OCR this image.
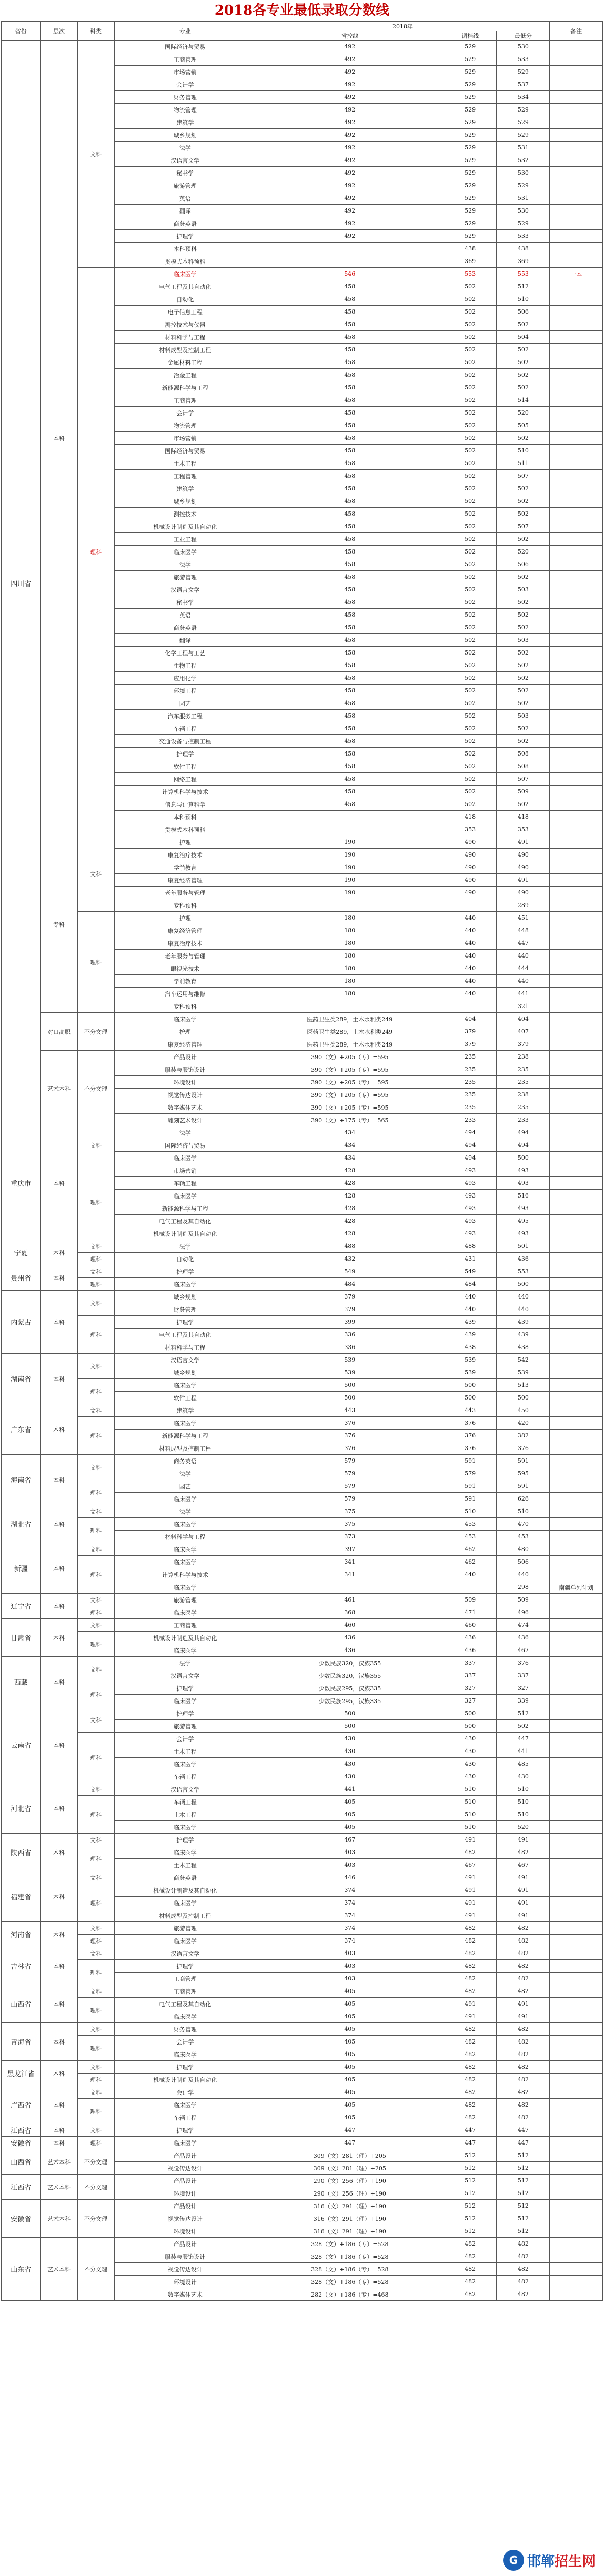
2018各专业最低录取分数线
省份	层次	科类	专业	2018年			备注
				省控线	调档线	最低分	
四川省	本科	文科	国际经济与贸易	492	529	530	
			工商管理	492	529	533	
			市场营销	492	529	529	
			会计学	492	529	537	
			财务管理	492	529	534	
			物流管理	492	529	529	
			建筑学	492	529	529	
			城乡规划	492	529	529	
			法学	492	529	531	
			汉语言文学	492	529	532	
			秘书学	492	529	530	
			旅游管理	492	529	529	
			英语	492	529	531	
			翻译	492	529	530	
			商务英语	492	529	529	
			护理学	492	529	533	
			本科预科		438	438	
			贯模式本科预科		369	369	
		理科	临床医学	546	553	553	一本
			电气工程及其自动化	458	502	512	
			自动化	458	502	510	
			电子信息工程	458	502	506	
			测控技术与仪器	458	502	502	
			材料科学与工程	458	502	504	
			材料成型及控制工程	458	502	502	
			金属材料工程	458	502	502	
			冶金工程	458	502	502	
			新能源科学与工程	458	502	502	
			工商管理	458	502	514	
			会计学	458	502	520	
			物流管理	458	502	505	
			市场营销	458	502	502	
			国际经济与贸易	458	502	510	
			土木工程	458	502	511	
			工程管理	458	502	507	
			建筑学	458	502	502	
			城乡规划	458	502	502	
			测控技术	458	502	502	
			机械设计制造及其自动化	458	502	507	
			工业工程	458	502	502	
			临床医学	458	502	520	
			法学	458	502	506	
			旅游管理	458	502	502	
			汉语言文学	458	502	503	
			秘书学	458	502	502	
			英语	458	502	502	
			商务英语	458	502	502	
			翻译	458	502	503	
			化学工程与工艺	458	502	502	
			生物工程	458	502	502	
			应用化学	458	502	502	
			环境工程	458	502	502	
			园艺	458	502	502	
			汽车服务工程	458	502	503	
			车辆工程	458	502	502	
			交通设备与控制工程	458	502	502	
			护理学	458	502	508	
			软件工程	458	502	508	
			网络工程	458	502	507	
			计算机科学与技术	458	502	509	
			信息与计算科学	458	502	502	
			本科预科		418	418	
			贯模式本科预科		353	353	
	专科	文科	护理	190	490	491	
			康复治疗技术	190	490	490	
			学前教育	190	490	490	
			康复经济管理	190	490	491	
			老年服务与管理	190	490	490	
			专科预科			289	
		理科	护理	180	440	451	
			康复经济管理	180	440	448	
			康复治疗技术	180	440	447	
			老年服务与管理	180	440	440	
			眼视光技术	180	440	444	
			学前教育	180	440	440	
			汽车运用与维修	180	440	441	
			专科预科			321	
	对口高职	不分文理	临床医学	医药卫生类289，土木水利类249	404	404	
			护理	医药卫生类289，土木水利类249	379	407	
			康复经济管理	医药卫生类289，土木水利类249	379	379	
	艺术本科	不分文理	产品设计	390（文）+205（专）=595	235	238	
			服装与服饰设计	390（文）+205（专）=595	235	235	
			环境设计	390（文）+205（专）=595	235	235	
			视觉传达设计	390（文）+205（专）=595	235	238	
			数字媒体艺术	390（文）+205（专）=595	235	235	
			雕刻艺术设计	390（文）+175（专）=565	233	233	
重庆市	本科	文科	法学	434	494	494	
			国际经济与贸易	434	494	494	
			临床医学	434	494	500	
		理科	市场营销	428	493	493	
			车辆工程	428	493	493	
			临床医学	428	493	516	
			新能源科学与工程	428	493	493	
			电气工程及其自动化	428	493	495	
			机械设计制造及其自动化	428	493	493	
宁夏	本科	文科	法学	488	488	501	
		理科	自动化	432	431	436	
贵州省	本科	文科	护理学	549	549	553	
		理科	临床医学	484	484	500	
内蒙古	本科	文科	城乡规划	379	440	440	
			财务管理	379	440	440	
		理科	护理学	399	439	439	
			电气工程及其自动化	336	439	439	
			材料科学与工程	336	438	438	
湖南省	本科	文科	汉语言文学	539	539	542	
			城乡规划	539	539	539	
		理科	临床医学	500	500	513	
			软件工程	500	500	500	
广东省	本科	文科	建筑学	443	443	450	
		理科	临床医学	376	376	420	
			新能源科学与工程	376	376	382	
			材料成型及控制工程	376	376	376	
海南省	本科	文科	商务英语	579	591	591	
			法学	579	579	595	
		理科	园艺	579	591	591	
			临床医学	579	591	626	
湖北省	本科	文科	法学	375	510	510	
		理科	临床医学	375	453	470	
			材料科学与工程	373	453	453	
新疆	本科	文科	临床医学	397	462	480	
		理科	临床医学	341	462	506	
			计算机科学与技术	341	440	440	
			临床医学			298	南疆单列计划
辽宁省	本科	文科	旅游管理	461	509	509	
		理科	临床医学	368	471	496	
甘肃省	本科	文科	工商管理	460	460	474	
		理科	机械设计制造及其自动化	436	436	436	
			临床医学	436	436	467	
西藏	本科	文科	法学	少数民族320，汉族355	337	376	
			汉语言文学	少数民族320，汉族355	337	337	
		理科	护理学	少数民族295，汉族335	327	327	
			临床医学	少数民族295，汉族335	327	339	
云南省	本科	文科	护理学	500	500	512	
			旅游管理	500	500	502	
		理科	会计学	430	430	447	
			土木工程	430	430	441	
			临床医学	430	430	485	
			车辆工程	430	430	430	
河北省	本科	文科	汉语言文学	441	510	510	
		理科	车辆工程	405	510	510	
			土木工程	405	510	510	
			临床医学	405	510	520	
陕西省	本科	文科	护理学	467	491	491	
		理科	临床医学	403	482	482	
			土木工程	403	467	467	
福建省	本科	文科	商务英语	446	491	491	
		理科	机械设计制造及其自动化	374	491	491	
			临床医学	374	491	491	
			材料成型及控制工程	374	491	491	
河南省	本科	文科	旅游管理	374	482	482	
		理科	临床医学	374	482	482	
吉林省	本科	文科	汉语言文学	403	482	482	
		理科	护理学	403	482	482	
			工商管理	403	482	482	
山西省	本科	文科	工商管理	405	482	482	
		理科	电气工程及其自动化	405	491	491	
			临床医学	405	491	491	
青海省	本科	文科	财务管理	405	482	482	
		理科	会计学	405	482	482	
			临床医学	405	482	482	
黑龙江省	本科	文科	护理学	405	482	482	
		理科	机械设计制造及其自动化	405	482	482	
广西省	本科	文科	会计学	405	482	482	
		理科	临床医学	405	482	482	
			车辆工程	405	482	482	
江西省	本科	文科	护理学	447	447	447	
安徽省	本科	理科	临床医学	447	447	447	
山西省	艺术本科	不分文理	产品设计	309（文）281（理）+205	512	512	
			视觉传达设计	309（文）281（理）+205	512	512	
江西省	艺术本科	不分文理	产品设计	290（文）256（理）+190	512	512	
			环境设计	290（文）256（理）+190	512	512	
安徽省	艺术本科	不分文理	产品设计	316（文）291（理）+190	512	512	
			视觉传达设计	316（文）291（理）+190	512	512	
			环境设计	316（文）291（理）+190	512	512	
山东省	艺术本科	不分文理	产品设计	328（文）+186（专）=528	482	482	
			服装与服饰设计	328（文）+186（专）=528	482	482	
			视觉传达设计	328（文）+186（专）=528	482	482	
			环境设计	328（文）+186（专）=528	482	482	
			数字媒体艺术	282（文）+186（专）=468	482	482	
G 邯郸招生网
